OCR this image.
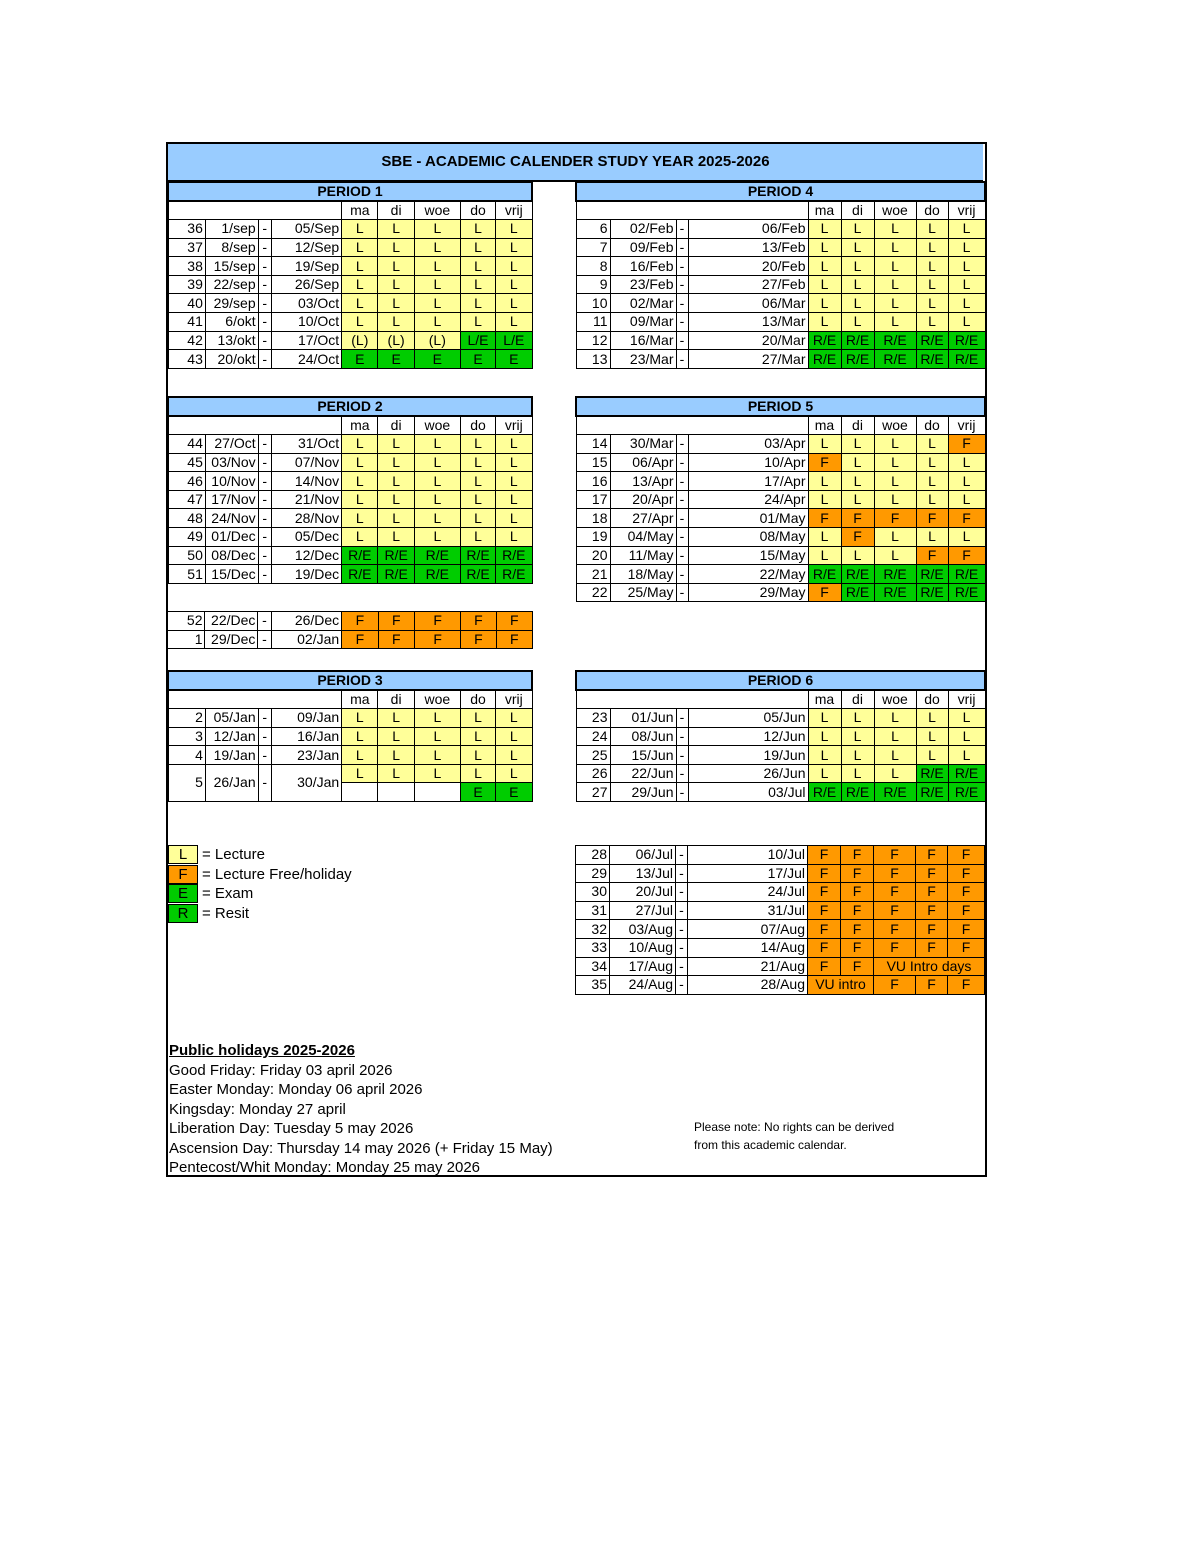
SBE - ACADEMIC CALENDER STUDY YEAR 2025-2026
PERIOD 1								
				ma	di	woe	do	vrij
36	1/sep	-	05/Sep	L	L	L	L	L
37	8/sep	-	12/Sep	L	L	L	L	L
38	15/sep	-	19/Sep	L	L	L	L	L
39	22/sep	-	26/Sep	L	L	L	L	L
40	29/sep	-	03/Oct	L	L	L	L	L
41	6/okt	-	10/Oct	L	L	L	L	L
42	13/okt	-	17/Oct	(L)	(L)	(L)	L/E	L/E
43	20/okt	-	24/Oct	E	E	E	E	E
PERIOD 4								
				ma	di	woe	do	vrij
6	02/Feb	-	06/Feb	L	L	L	L	L
7	09/Feb	-	13/Feb	L	L	L	L	L
8	16/Feb	-	20/Feb	L	L	L	L	L
9	23/Feb	-	27/Feb	L	L	L	L	L
10	02/Mar	-	06/Mar	L	L	L	L	L
11	09/Mar	-	13/Mar	L	L	L	L	L
12	16/Mar	-	20/Mar	R/E	R/E	R/E	R/E	R/E
13	23/Mar	-	27/Mar	R/E	R/E	R/E	R/E	R/E
PERIOD 2								
				ma	di	woe	do	vrij
44	27/Oct	-	31/Oct	L	L	L	L	L
45	03/Nov	-	07/Nov	L	L	L	L	L
46	10/Nov	-	14/Nov	L	L	L	L	L
47	17/Nov	-	21/Nov	L	L	L	L	L
48	24/Nov	-	28/Nov	L	L	L	L	L
49	01/Dec	-	05/Dec	L	L	L	L	L
50	08/Dec	-	12/Dec	R/E	R/E	R/E	R/E	R/E
51	15/Dec	-	19/Dec	R/E	R/E	R/E	R/E	R/E
PERIOD 5								
				ma	di	woe	do	vrij
14	30/Mar	-	03/Apr	L	L	L	L	F
15	06/Apr	-	10/Apr	F	L	L	L	L
16	13/Apr	-	17/Apr	L	L	L	L	L
17	20/Apr	-	24/Apr	L	L	L	L	L
18	27/Apr	-	01/May	F	F	F	F	F
19	04/May	-	08/May	L	F	L	L	L
20	11/May	-	15/May	L	L	L	F	F
21	18/May	-	22/May	R/E	R/E	R/E	R/E	R/E
22	25/May	-	29/May	F	R/E	R/E	R/E	R/E
52	22/Dec	-	26/Dec	F	F	F	F	F
1	29/Dec	-	02/Jan	F	F	F	F	F
PERIOD 3								
				ma	di	woe	do	vrij
2	05/Jan	-	09/Jan	L	L	L	L	L
3	12/Jan	-	16/Jan	L	L	L	L	L
4	19/Jan	-	23/Jan	L	L	L	L	L
5	26/Jan	-	30/Jan	L	L	L	L	L
							E	E
PERIOD 6								
				ma	di	woe	do	vrij
23	01/Jun	-	05/Jun	L	L	L	L	L
24	08/Jun	-	12/Jun	L	L	L	L	L
25	15/Jun	-	19/Jun	L	L	L	L	L
26	22/Jun	-	26/Jun	L	L	L	R/E	R/E
27	29/Jun	-	03/Jul	R/E	R/E	R/E	R/E	R/E
28	06/Jul	-	10/Jul	F	F	F	F	F
29	13/Jul	-	17/Jul	F	F	F	F	F
30	20/Jul	-	24/Jul	F	F	F	F	F
31	27/Jul	-	31/Jul	F	F	F	F	F
32	03/Aug	-	07/Aug	F	F	F	F	F
33	10/Aug	-	14/Aug	F	F	F	F	F
34	17/Aug	-	21/Aug	F	F	VU Intro days		
35	24/Aug	-	28/Aug	VU intro		F	F	F
L = Lecture
F = Lecture Free/holiday
E = Exam
R = Resit
Public holidays 2025-2026
Good Friday: Friday 03 april 2026
Easter Monday: Monday 06 april 2026
Kingsday: Monday 27 april
Liberation Day: Tuesday 5 may 2026
Ascension Day: Thursday 14 may 2026 (+ Friday 15 May)
Pentecost/Whit Monday: Monday 25 may 2026
Please note: No rights can be derived
from this academic calendar.
